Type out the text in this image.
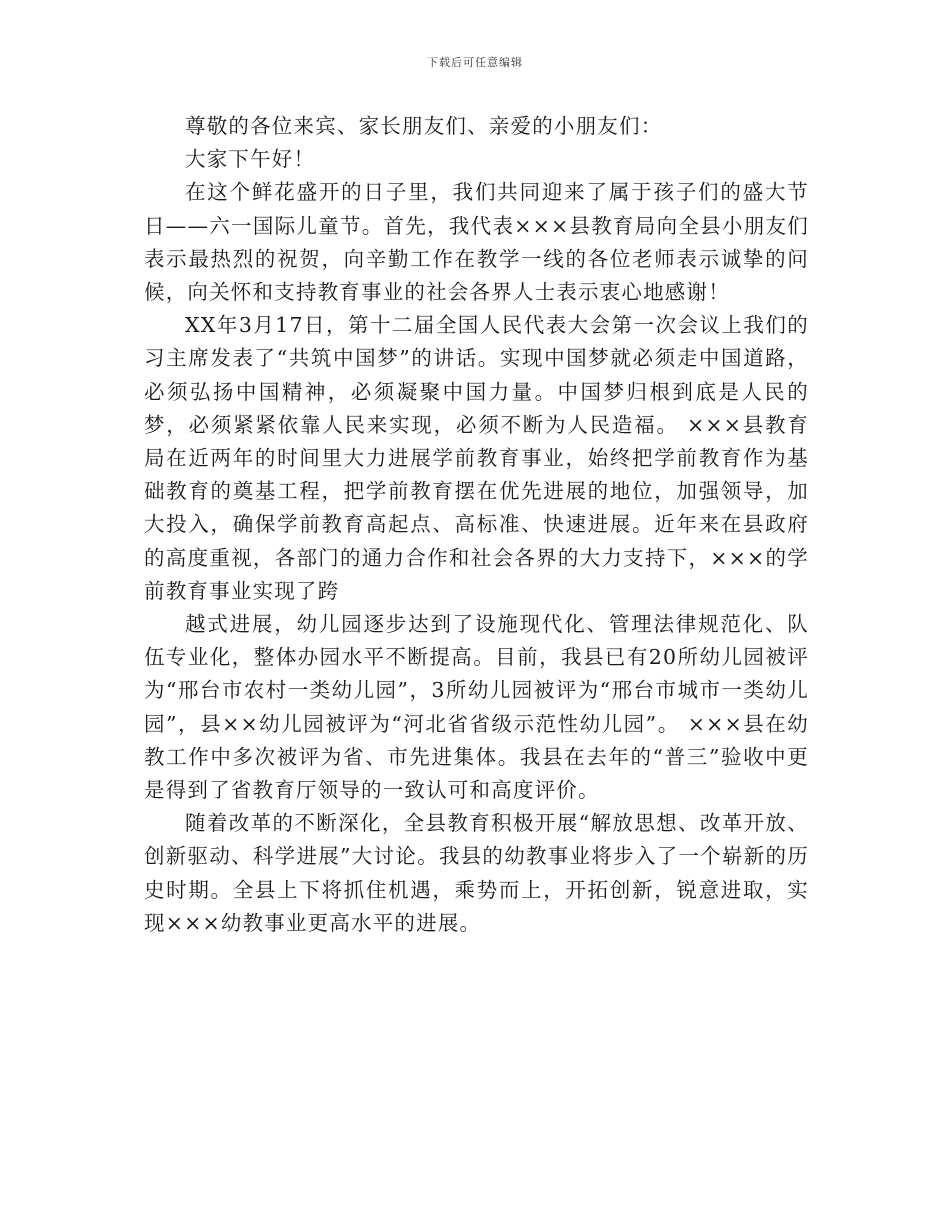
下载后可任意编辑

尊敬的各位来宾、家长朋友们、亲爱的小朋友们：

大家下午好！

在这个鲜花盛开的日子里，我们共同迎来了属于孩子们的盛大节日——六一国际儿童节。首先，我代表×××县教育局向全县小朋友们表示最热烈的祝贺，向辛勤工作在教学一线的各位老师表示诚挚的问候，向关怀和支持教育事业的社会各界人士表示衷心地感谢！

XX年3月17日，第十二届全国人民代表大会第一次会议上我们的习主席发表了“共筑中国梦”的讲话。实现中国梦就必须走中国道路，必须弘扬中国精神，必须凝聚中国力量。中国梦归根到底是人民的梦，必须紧紧依靠人民来实现，必须不断为人民造福。 ×××县教育局在近两年的时间里大力进展学前教育事业，始终把学前教育作为基础教育的奠基工程，把学前教育摆在优先进展的地位，加强领导，加大投入，确保学前教育高起点、高标准、快速进展。近年来在县政府的高度重视，各部门的通力合作和社会各界的大力支持下，×××的学前教育事业实现了跨

越式进展，幼儿园逐步达到了设施现代化、管理法律规范化、队伍专业化，整体办园水平不断提高。目前，我县已有20所幼儿园被评为“邢台市农村一类幼儿园”，3所幼儿园被评为“邢台市城市一类幼儿园”，县××幼儿园被评为“河北省省级示范性幼儿园”。 ×××县在幼教工作中多次被评为省、市先进集体。我县在去年的“普三”验收中更是得到了省教育厅领导的一致认可和高度评价。

随着改革的不断深化，全县教育积极开展“解放思想、改革开放、创新驱动、科学进展”大讨论。我县的幼教事业将步入了一个崭新的历史时期。全县上下将抓住机遇，乘势而上，开拓创新，锐意进取，实现×××幼教事业更高水平的进展。
